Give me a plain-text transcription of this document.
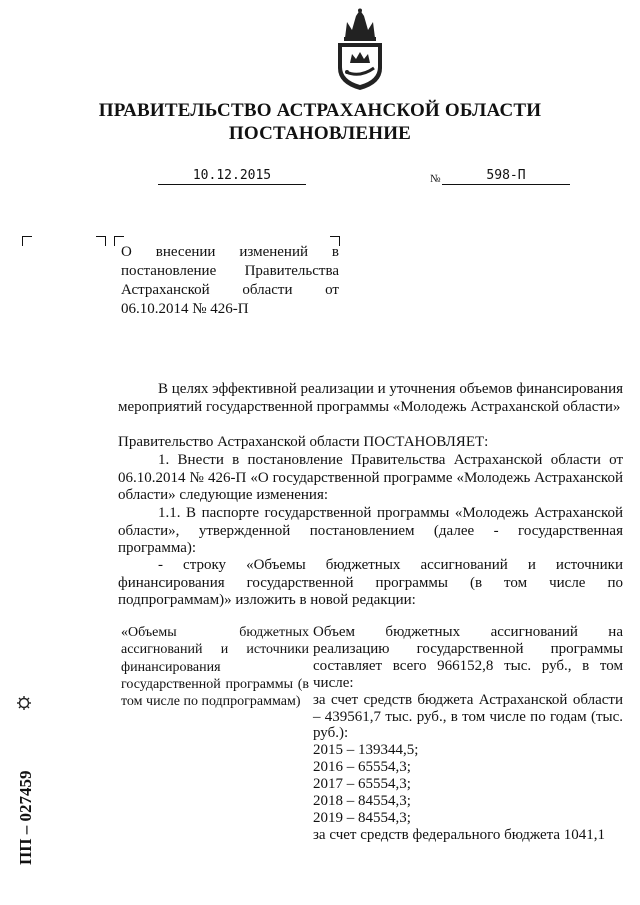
ПРАВИТЕЛЬСТВО АСТРАХАНСКОЙ ОБЛАСТИ
ПОСТАНОВЛЕНИЕ
10.12.2015	№	598-П
О внесении изменений в постановление Правительства Астраханской области от 06.10.2014 № 426-П
В целях эффективной реализации и уточнения объемов финансирования мероприятий государственной программы «Молодежь Астраханской области»
Правительство Астраханской области ПОСТАНОВЛЯЕТ:
1. Внести в постановление Правительства Астраханской области от 06.10.2014 № 426-П «О государственной программе «Молодежь Астраханской области» следующие изменения:
1.1. В паспорте государственной программы «Молодежь Астраханской области», утвержденной постановлением (далее - государственная программа):
- строку «Объемы бюджетных ассигнований и источники финансирования государственной программы (в том числе по подпрограммам)» изложить в новой редакции:
«Объемы бюджетных ассигнований и источники финансирования государственной программы (в том числе по подпрограммам)

Объем бюджетных ассигнований на реализацию государственной программы составляет всего 966152,8 тыс. руб., в том числе:

за счет средств бюджета Астраханской области – 439561,7 тыс. руб., в том числе по годам (тыс. руб.):

2015 – 139344,5;

2016 – 65554,3;

2017 – 65554,3;

2018 – 84554,3;

2019 – 84554,3;

за счет средств федерального бюджета 1041,1

ПП – 027459
